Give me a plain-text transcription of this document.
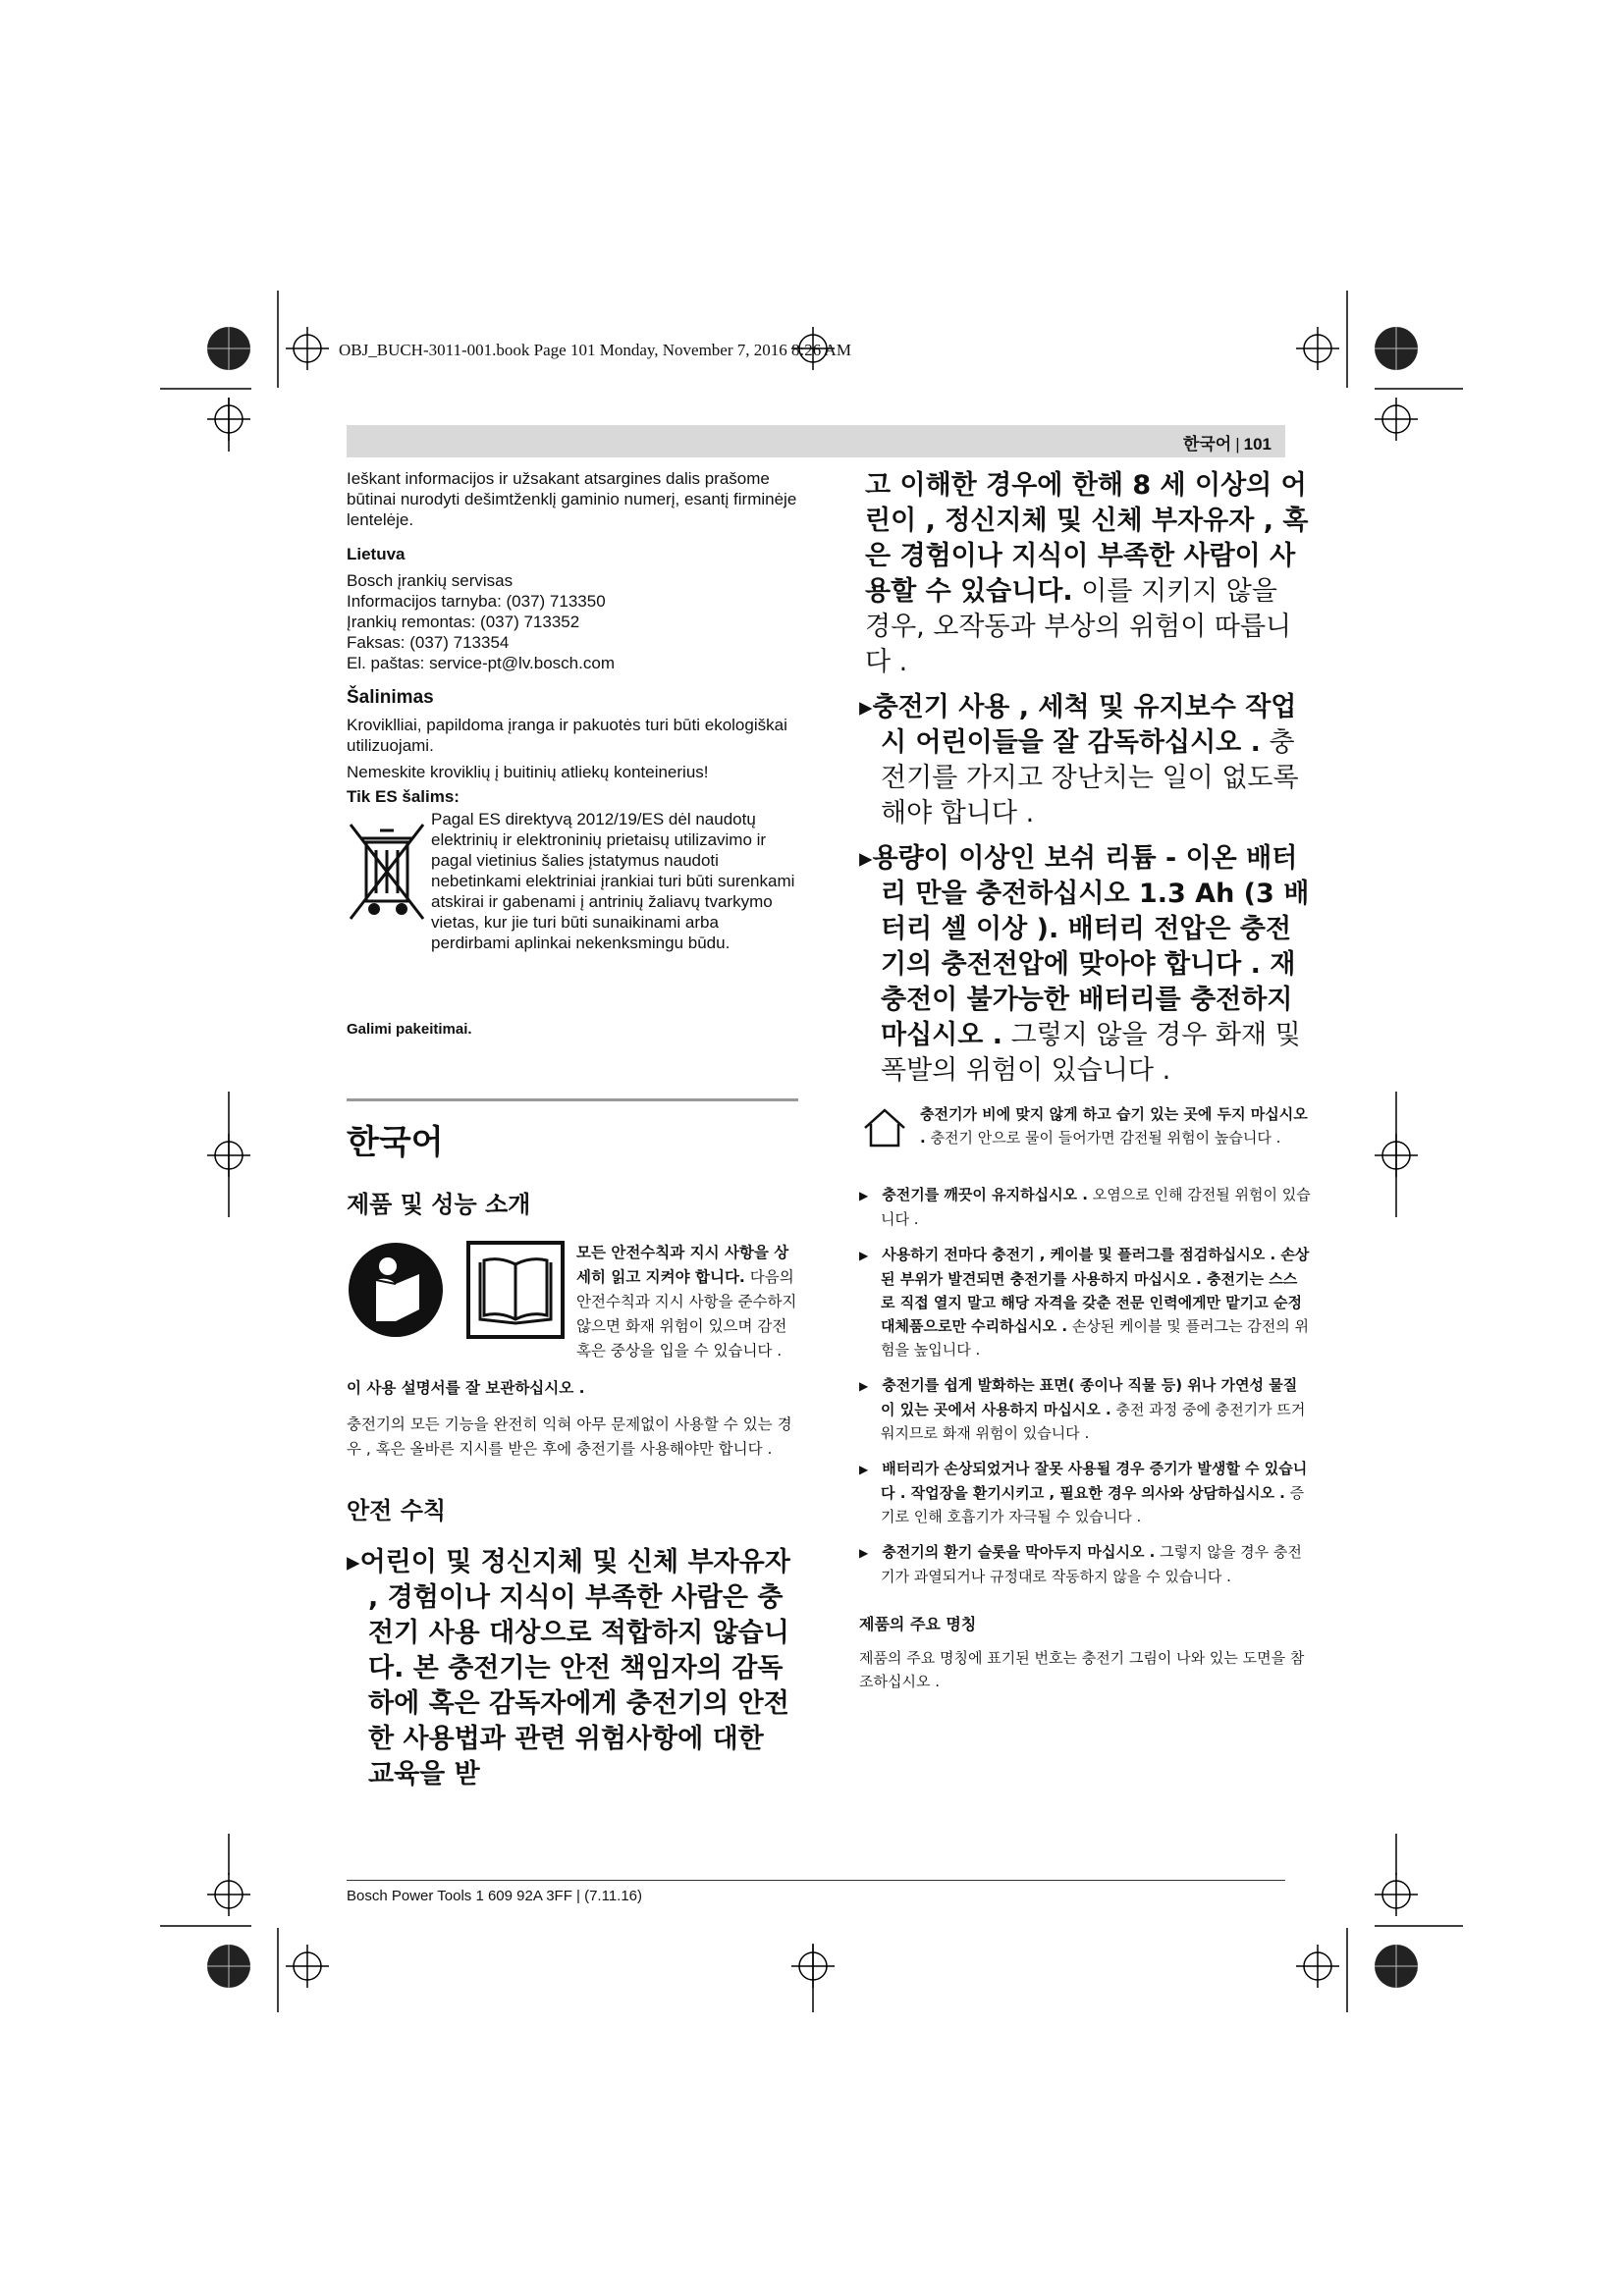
OBJ_BUCH-3011-001.book Page 101 Monday, November 7, 2016 8:26 AM
한국어 | 101
Ieškant informacijos ir užsakant atsargines dalis prašome būtinai nurodyti dešimtženklį gaminio numerį, esantį firminėje lentelėje.
Lietuva
Bosch įrankių servisas
Informacijos tarnyba: (037) 713350
Įrankių remontas: (037) 713352
Faksas: (037) 713354
El. paštas: service-pt@lv.bosch.com
Šalinimas
Kroviklliai, papildoma įranga ir pakuotės turi būti ekologiškai utilizuojami.
Nemeskite kroviklių į buitinių atliekų konteinerius!
Tik ES šalims:
Pagal ES direktyvą 2012/19/ES dėl naudotų elektrinių ir elektroninių prietaisų utilizavimo ir pagal vietinius šalies įstatymus naudoti nebetinkami elektriniai įrankiai turi būti surenkami atskirai ir gabenami į antrinių žaliavų tvarkymo vietas, kur jie turi būti sunaikinami arba perdirbami aplinkai nekenksmingu būdu.
Galimi pakeitimai.
한국어
제품 및 성능 소개
모든 안전수칙과 지시 사항을 상세히 읽고 지켜야 합니다. 다음의 안전수칙과 지시 사항을 준수하지 않으면 화재 위험이 있으며 감전 혹은 중상을 입을 수 있습니다 .
이 사용 설명서를 잘 보관하십시오 .
충전기의 모든 기능을 완전히 익혀 아무 문제없이 사용할 수 있는 경우 , 혹은 올바른 지시를 받은 후에 충전기를 사용해야만 합니다 .
안전 수칙
▸어린이 및 정신지체 및 신체 부자유자 , 경험이나 지식이 부족한 사람은 충전기 사용 대상으로 적합하지 않습니다. 본 충전기는 안전 책임자의 감독 하에 혹은 감독자에게 충전기의 안전한 사용법과 관련 위험사항에 대한 교육을 받
고 이해한 경우에 한해 8 세 이상의 어린이 , 정신지체 및 신체 부자유자 , 혹은 경험이나 지식이 부족한 사람이 사용할 수 있습니다. 이를 지키지 않을 경우, 오작동과 부상의 위험이 따릅니다 .
▸충전기 사용 , 세척 및 유지보수 작업 시 어린이들을 잘 감독하십시오 . 충전기를 가지고 장난치는 일이 없도록 해야 합니다 .
▸용량이 이상인 보쉬 리튬 - 이온 배터리 만을 충전하십시오 1.3 Ah (3 배터리 셀 이상 ). 배터리 전압은 충전기의 충전전압에 맞아야 합니다 . 재충전이 불가능한 배터리를 충전하지 마십시오 . 그렇지 않을 경우 화재 및 폭발의 위험이 있습니다 .
충전기가 비에 맞지 않게 하고 습기 있는 곳에 두지 마십시오 . 충전기 안으로 물이 들어가면 감전될 위험이 높습니다 .
▶ 충전기를 깨끗이 유지하십시오 . 오염으로 인해 감전될 위험이 있습니다 .
▶ 사용하기 전마다 충전기 , 케이블 및 플러그를 점검하십시오 . 손상된 부위가 발견되면 충전기를 사용하지 마십시오 . 충전기는 스스로 직접 열지 말고 해당 자격을 갖춘 전문 인력에게만 맡기고 순정 대체품으로만 수리하십시오 . 손상된 케이블 및 플러그는 감전의 위험을 높입니다 .
▶ 충전기를 쉽게 발화하는 표면( 종이나 직물 등) 위나 가연성 물질이 있는 곳에서 사용하지 마십시오 . 충전 과정 중에 충전기가 뜨거워지므로 화재 위험이 있습니다 .
▶ 배터리가 손상되었거나 잘못 사용될 경우 증기가 발생할 수 있습니다 . 작업장을 환기시키고 , 필요한 경우 의사와 상담하십시오 . 증기로 인해 호흡기가 자극될 수 있습니다 .
▶ 충전기의 환기 슬롯을 막아두지 마십시오 . 그렇지 않을 경우 충전기가 과열되거나 규정대로 작동하지 않을 수 있습니다 .
제품의 주요 명칭
제품의 주요 명칭에 표기된 번호는 충전기 그림이 나와 있는 도면을 참조하십시오 .
Bosch Power Tools 1 609 92A 3FF | (7.11.16)
